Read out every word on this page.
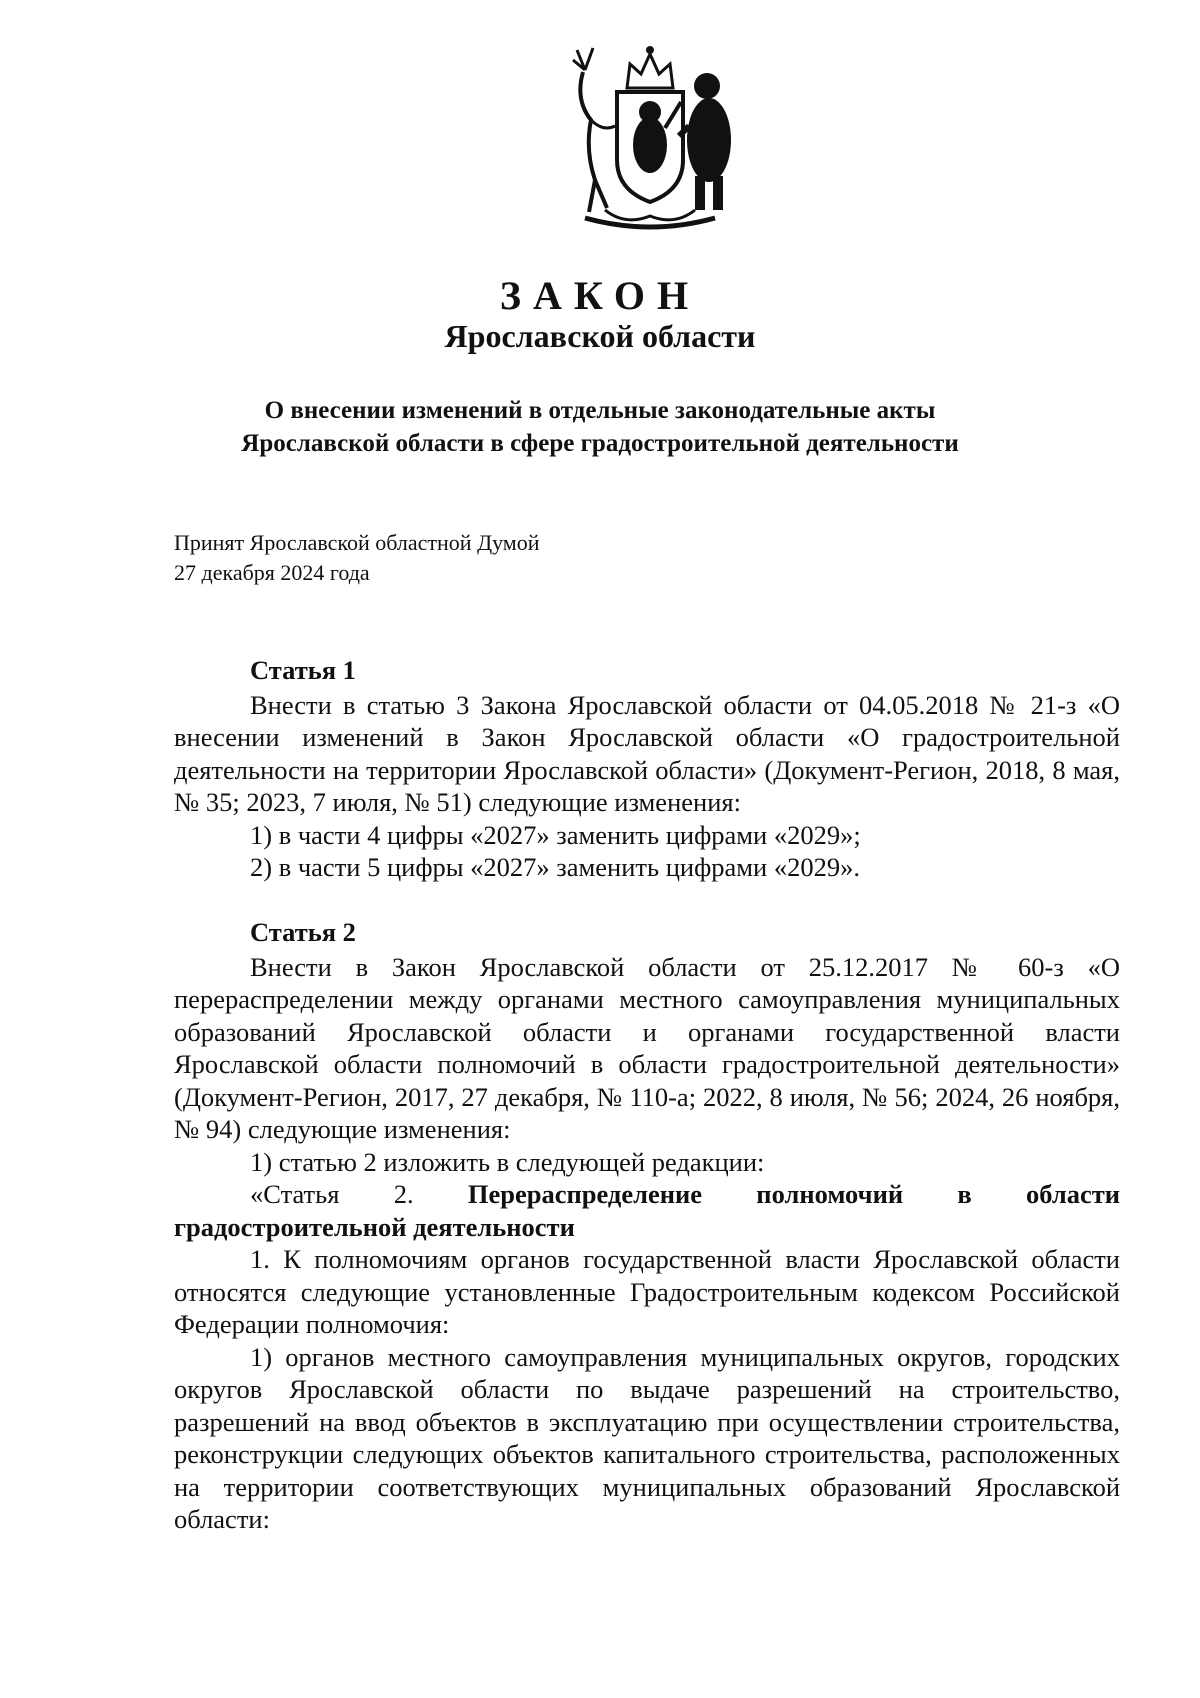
ЗАКОН

Ярославской области

О внесении изменений в отдельные законодательные акты
Ярославской области в сфере градостроительной деятельности
Принят Ярославской областной Думой
27 декабря 2024 года

Статья 1

Внести в статью 3 Закона Ярославской области от 04.05.2018 № 21-з «О внесении изменений в Закон Ярославской области «О градостроительной деятельности на территории Ярославской области» (Документ-Регион, 2018, 8 мая, № 35; 2023, 7 июля, № 51) следующие изменения:

1) в части 4 цифры «2027» заменить цифрами «2029»;

2) в части 5 цифры «2027» заменить цифрами «2029».

Статья 2

Внести в Закон Ярославской области от 25.12.2017 № 60-з «О перераспределении между органами местного самоуправления муниципальных образований Ярославской области и органами государственной власти Ярославской области полномочий в области градостроительной деятельности» (Документ-Регион, 2017, 27 декабря, № 110-а; 2022, 8 июля, № 56; 2024, 26 ноября, № 94) следующие изменения:

1) статью 2 изложить в следующей редакции:

«Статья 2. Перераспределение полномочий в области

градостроительной деятельности

1. К полномочиям органов государственной власти Ярославской области относятся следующие установленные Градостроительным кодексом Российской Федерации полномочия:

1) органов местного самоуправления муниципальных округов, городских округов Ярославской области по выдаче разрешений на строительство, разрешений на ввод объектов в эксплуатацию при осуществлении строительства, реконструкции следующих объектов капитального строительства, расположенных на территории соответствующих муниципальных образований Ярославской области:
